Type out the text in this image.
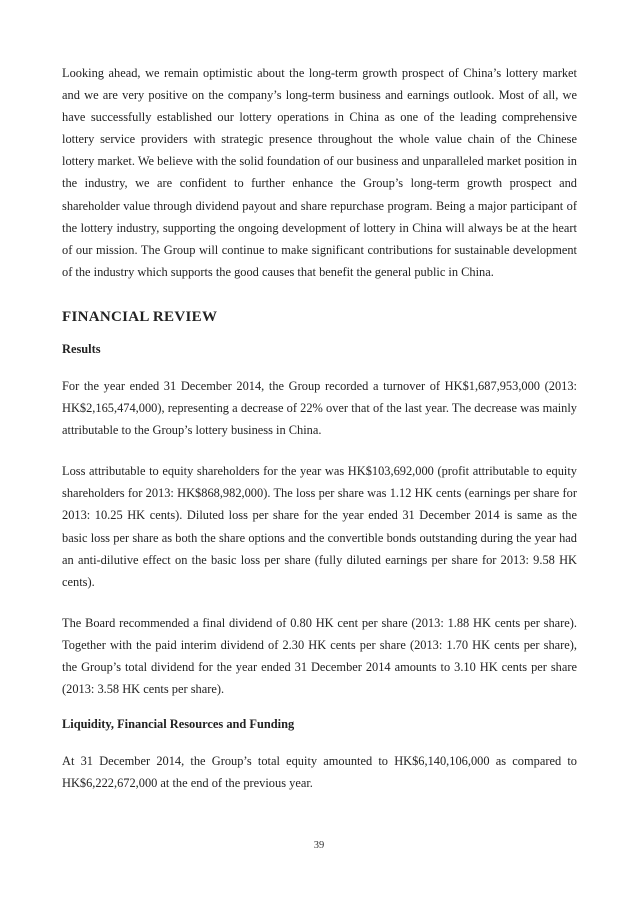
Looking ahead, we remain optimistic about the long-term growth prospect of China’s lottery market and we are very positive on the company’s long-term business and earnings outlook. Most of all, we have successfully established our lottery operations in China as one of the leading comprehensive lottery service providers with strategic presence throughout the whole value chain of the Chinese lottery market. We believe with the solid foundation of our business and unparalleled market position in the industry, we are confident to further enhance the Group’s long-term growth prospect and shareholder value through dividend payout and share repurchase program. Being a major participant of the lottery industry, supporting the ongoing development of lottery in China will always be at the heart of our mission. The Group will continue to make significant contributions for sustainable development of the industry which supports the good causes that benefit the general public in China.

FINANCIAL REVIEW
Results

For the year ended 31 December 2014, the Group recorded a turnover of HK$1,687,953,000 (2013: HK$2,165,474,000), representing a decrease of 22% over that of the last year. The decrease was mainly attributable to the Group’s lottery business in China.

Loss attributable to equity shareholders for the year was HK$103,692,000 (profit attributable to equity shareholders for 2013: HK$868,982,000). The loss per share was 1.12 HK cents (earnings per share for 2013: 10.25 HK cents). Diluted loss per share for the year ended 31 December 2014 is same as the basic loss per share as both the share options and the convertible bonds outstanding during the year had an anti-dilutive effect on the basic loss per share (fully diluted earnings per share for 2013: 9.58 HK cents).

The Board recommended a final dividend of 0.80 HK cent per share (2013: 1.88 HK cents per share). Together with the paid interim dividend of 2.30 HK cents per share (2013: 1.70 HK cents per share), the Group’s total dividend for the year ended 31 December 2014 amounts to 3.10 HK cents per share (2013: 3.58 HK cents per share).

Liquidity, Financial Resources and Funding

At 31 December 2014, the Group’s total equity amounted to HK$6,140,106,000 as compared to HK$6,222,672,000 at the end of the previous year.

39
